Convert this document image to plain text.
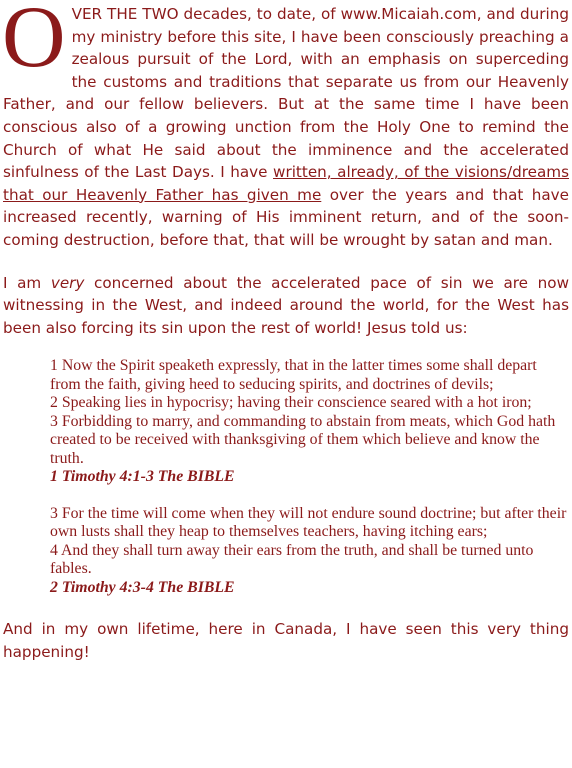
OVER THE TWO decades, to date, of www.Micaiah.com, and during my ministry before this site, I have been consciously preaching a zealous pursuit of the Lord, with an emphasis on superceding the customs and traditions that separate us from our Heavenly Father, and our fellow believers. But at the same time I have been conscious also of a growing unction from the Holy One to remind the Church of what He said about the imminence and the accelerated sinfulness of the Last Days. I have written, already, of the visions/dreams that our Heavenly Father has given me over the years and that have increased recently, warning of His imminent return, and of the soon-coming destruction, before that, that will be wrought by satan and man.

I am very concerned about the accelerated pace of sin we are now witnessing in the West, and indeed around the world, for the West has been also forcing its sin upon the rest of world! Jesus told us:

1 Now the Spirit speaketh expressly, that in the latter times some shall depart from the faith, giving heed to seducing spirits, and doctrines of devils;
2 Speaking lies in hypocrisy; having their conscience seared with a hot iron;
3 Forbidding to marry, and commanding to abstain from meats, which God hath created to be received with thanksgiving of them which believe and know the truth.
1 Timothy 4:1-3 The BIBLE
3 For the time will come when they will not endure sound doctrine; but after their own lusts shall they heap to themselves teachers, having itching ears;
4 And they shall turn away their ears from the truth, and shall be turned unto fables.
2 Timothy 4:3-4 The BIBLE

And in my own lifetime, here in Canada, I have seen this very thing happening!
